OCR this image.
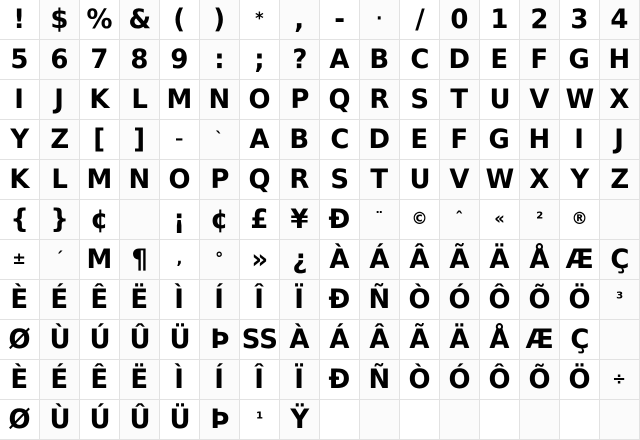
! $ % & ( ) * , - · / 0 1 2 3 4
5 6 7 8 9 : ; ? A B C D E F G H
I J K L M N O P Q R S T U V W X
Y Z [ ] – ` A B C D E F G H I J
K L M N O P Q R S T U V W X Y Z
{ } ¢ ¡ ¢ £ ¥ Đ ¨ © ˆ « ² ®
± ´ M ¶ ‚ ° » ¿ À Á Â Ã Ä Å Æ Ç
È É Ê Ë Ì Í Î Ï Ð Ñ Ò Ó Ô Õ Ö ³
Ø Ù Ú Û Ü Þ SS À Á Â Ã Ä Å Æ Ç
È É Ê Ë Ì Í Î Ï Ð Ñ Ò Ó Ô Õ Ö ÷
Ø Ù Ú Û Ü Þ ¹ Ÿ
